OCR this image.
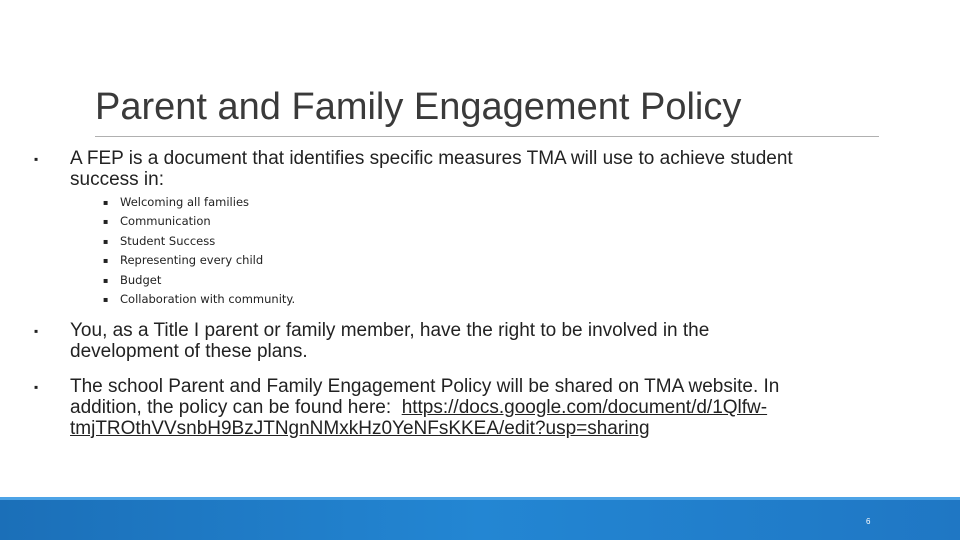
Parent and Family Engagement Policy
▪ A FEP is a document that identifies specific measures TMA will use to achieve student
success in:
▪	Welcoming all families
▪	Communication
▪	Student Success
▪	Representing every child
▪	Budget
▪	Collaboration with community.
▪ You, as a Title I parent or family member, have the right to be involved in the
development of these plans.
▪ The school Parent and Family Engagement Policy will be shared on TMA website. In
addition, the policy can be found here:  https://docs.google.com/document/d/1Qlfw-
tmjTROthVVsnbH9BzJTNgnNMxkHz0YeNFsKKEA/edit?usp=sharing
6
